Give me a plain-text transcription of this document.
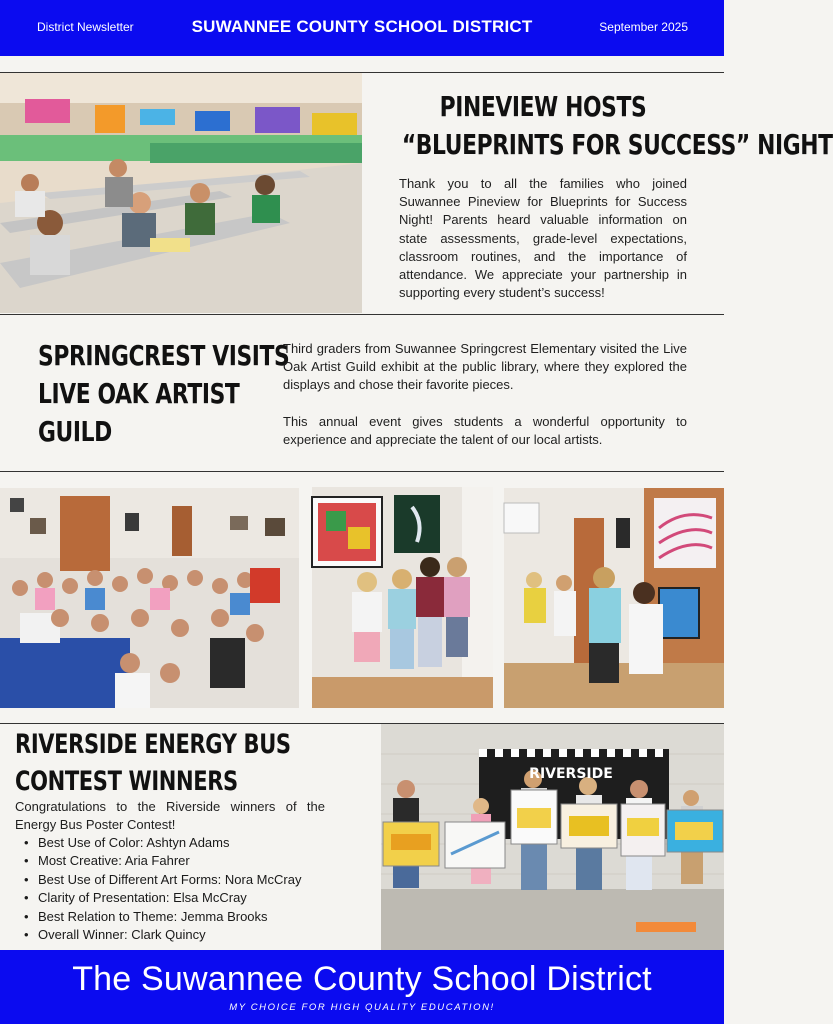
District Newsletter	SUWANNEE COUNTY SCHOOL DISTRICT	September 2025
PINEVIEW HOSTS
“BLUEPRINTS FOR SUCCESS” NIGHT
Thank you to all the families who joined Suwannee Pineview for Blueprints for Success Night! Parents heard valuable information on state assessments, grade-level expectations, classroom routines, and the importance of attendance. We appreciate your partnership in supporting every student’s success!
SPRINGCREST VISITS
LIVE OAK ARTIST
GUILD

Third graders from Suwannee Springcrest Elementary visited the Live Oak Artist Guild exhibit at the public library, where they explored the displays and chose their favorite pieces.

This annual event gives students a wonderful opportunity to experience and appreciate the talent of our local artists.

RIVERSIDE ENERGY BUS
CONTEST WINNERS
Congratulations to the Riverside winners of the Energy Bus Poster Contest!
• Best Use of Color: Ashtyn Adams
• Most Creative: Aria Fahrer
• Best Use of Different Art Forms: Nora McCray
• Clarity of Presentation: Elsa McCray
• Best Relation to Theme: Jemma Brooks
• Overall Winner: Clark Quincy
RIVERSIDE
The Suwannee County School District
MY CHOICE FOR HIGH QUALITY EDUCATION!
